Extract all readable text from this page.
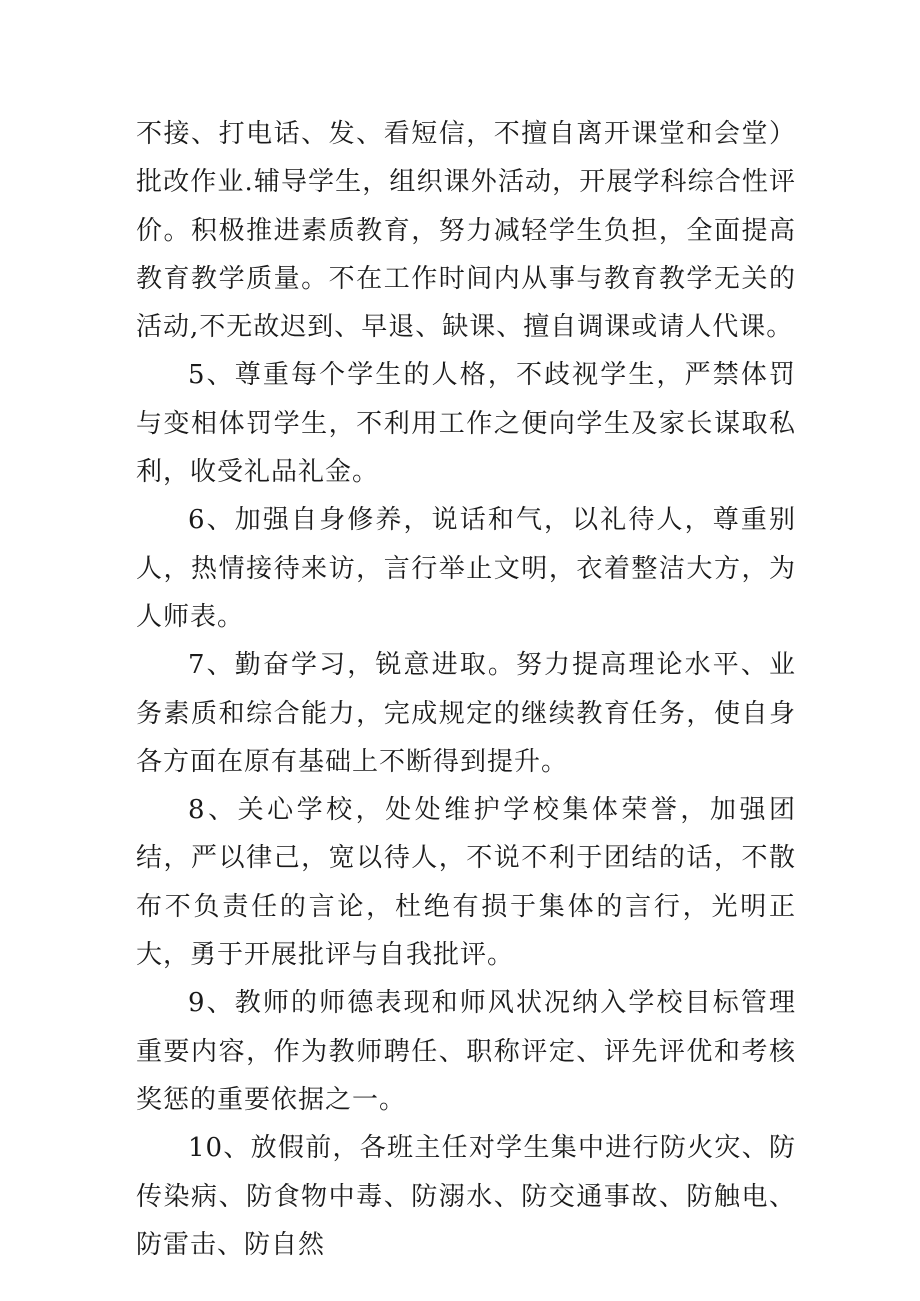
不接、打电话、发、看短信，不擅自离开课堂和会堂）批改作业.辅导学生，组织课外活动，开展学科综合性评价。积极推进素质教育，努力减轻学生负担，全面提高教育教学质量。不在工作时间内从事与教育教学无关的活动,不无故迟到、早退、缺课、擅自调课或请人代课。

5、尊重每个学生的人格，不歧视学生，严禁体罚与变相体罚学生，不利用工作之便向学生及家长谋取私利，收受礼品礼金。

6、加强自身修养，说话和气，以礼待人，尊重别人，热情接待来访，言行举止文明，衣着整洁大方，为人师表。

7、勤奋学习，锐意进取。努力提高理论水平、业务素质和综合能力，完成规定的继续教育任务，使自身各方面在原有基础上不断得到提升。

8、关心学校，处处维护学校集体荣誉，加强团结，严以律己，宽以待人，不说不利于团结的话，不散布不负责任的言论，杜绝有损于集体的言行，光明正大，勇于开展批评与自我批评。

9、教师的师德表现和师风状况纳入学校目标管理重要内容，作为教师聘任、职称评定、评先评优和考核奖惩的重要依据之一。

10、放假前，各班主任对学生集中进行防火灾、防传染病、防食物中毒、防溺水、防交通事故、防触电、防雷击、防自然
